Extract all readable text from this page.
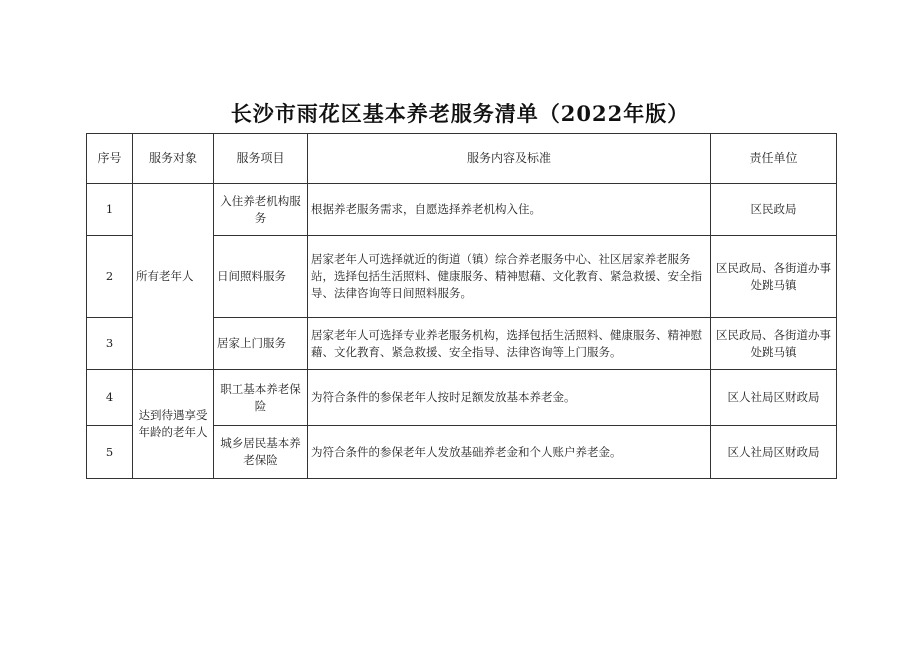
长沙市雨花区基本养老服务清单（2022年版）
序号	服务对象	服务项目	服务内容及标准	责任单位
1	所有老年人	入住养老机构服务	根据养老服务需求，自愿选择养老机构入住。	区民政局
2		日间照料服务	居家老年人可选择就近的街道（镇）综合养老服务中心、社区居家养老服务站，选择包括生活照料、健康服务、精神慰藉、文化教育、紧急救援、安全指导、法律咨询等日间照料服务。	区民政局、各街道办事处跳马镇
3		居家上门服务	居家老年人可选择专业养老服务机构，选择包括生活照料、健康服务、精神慰藉、文化教育、紧急救援、安全指导、法律咨询等上门服务。	区民政局、各街道办事处跳马镇
4	达到待遇享受年龄的老年人	职工基本养老保险	为符合条件的参保老年人按时足额发放基本养老金。	区人社局区财政局
5		城乡居民基本养老保险	为符合条件的参保老年人发放基础养老金和个人账户养老金。	区人社局区财政局
